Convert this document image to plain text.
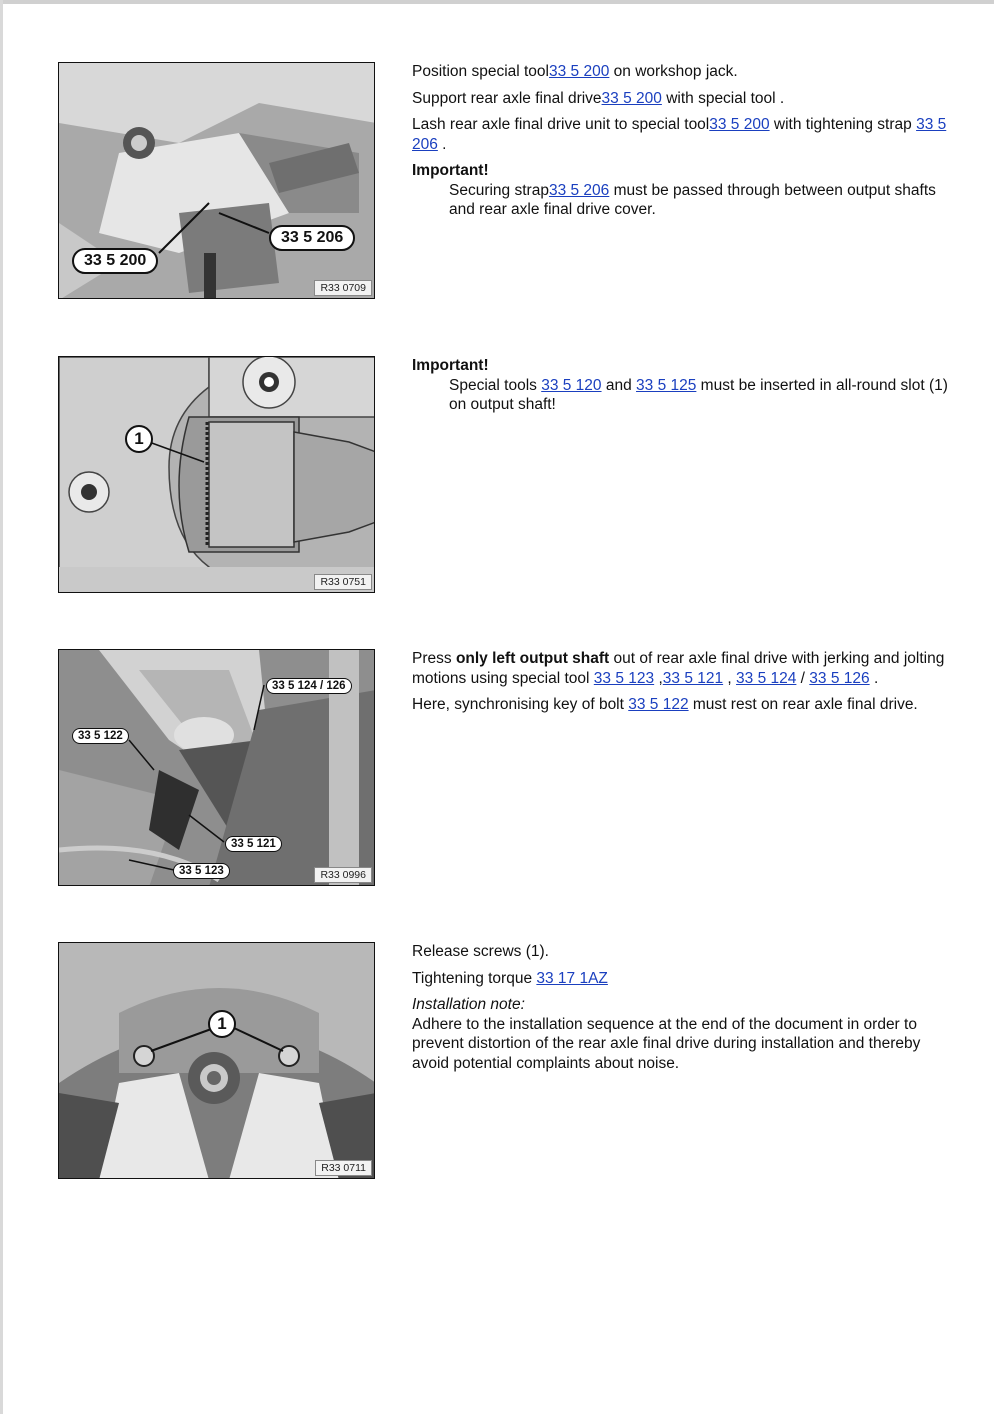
33 5 206
33 5 200
R33 0709

Position special tool33 5 200 on workshop jack.

Support rear axle final drive33 5 200 with special tool .

Lash rear axle final drive unit to special tool33 5 200 with tightening strap 33 5 206 .

Important!

Securing strap33 5 206 must be passed through between output shafts and rear axle final drive cover.

1
R33 0751

Important!

Special tools 33 5 120 and 33 5 125 must be inserted in all-round slot (1) on output shaft!

33 5 124 / 126
33 5 122
33 5 121
33 5 123	R33 0996

Press only left output shaft out of rear axle final drive with jerking and jolting motions using special tool 33 5 123 ,33 5 121 , 33 5 124 / 33 5 126 .

Here, synchronising key of bolt 33 5 122 must rest on rear axle final drive.

1
R33 0711

Release screws (1).

Tightening torque 33 17 1AZ

Installation note:

Adhere to the installation sequence at the end of the document in order to prevent distortion of the rear axle final drive during installation and thereby avoid potential complaints about noise.
